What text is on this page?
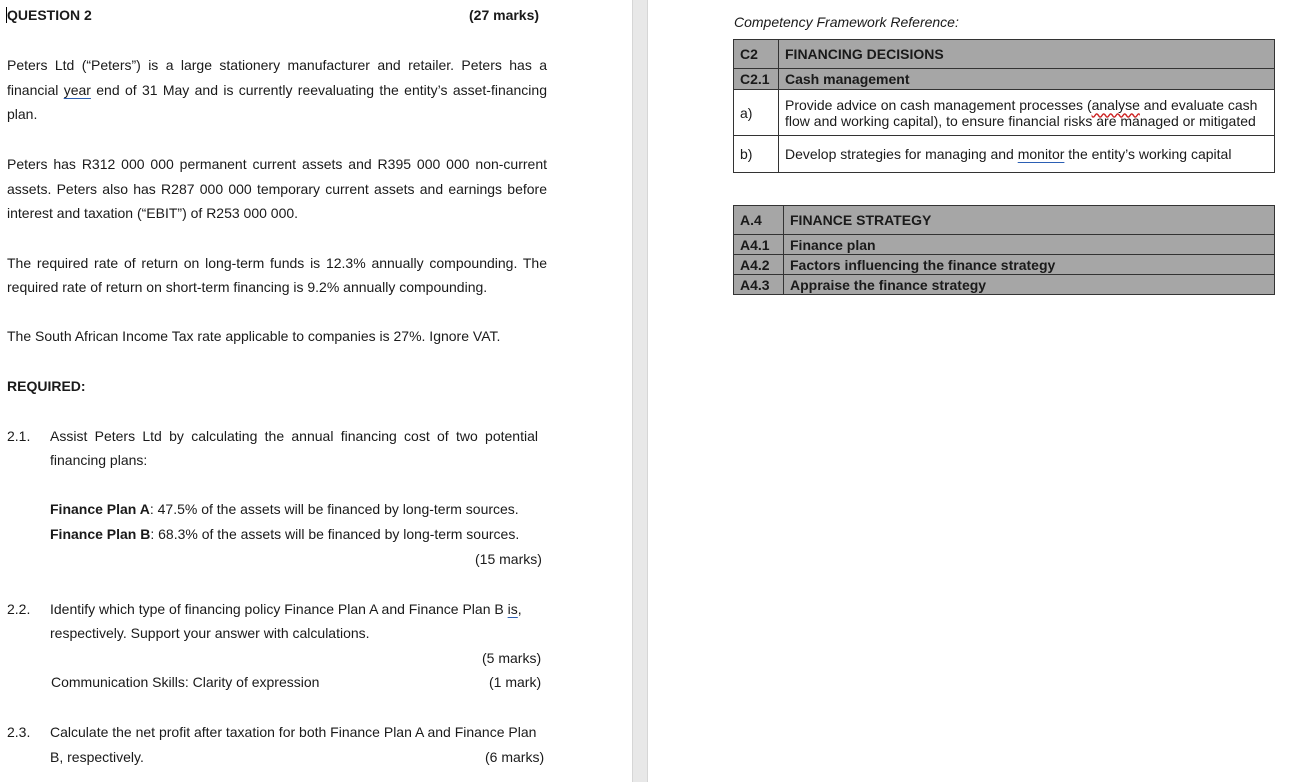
QUESTION 2	(27 marks)
Peters Ltd (“Peters”) is a large stationery manufacturer and retailer. Peters has a
financial year end of 31 May and is currently reevaluating the entity’s asset-financing
plan.
Peters has R312 000 000 permanent current assets and R395 000 000 non-current
assets. Peters also has R287 000 000 temporary current assets and earnings before
interest and taxation (“EBIT”) of R253 000 000.
The required rate of return on long-term funds is 12.3% annually compounding. The
required rate of return on short-term financing is 9.2% annually compounding.
The South African Income Tax rate applicable to companies is 27%. Ignore VAT.
REQUIRED:
2.1. Assist Peters Ltd by calculating the annual financing cost of two potential
financing plans:
Finance Plan A: 47.5% of the assets will be financed by long-term sources.
Finance Plan B: 68.3% of the assets will be financed by long-term sources.
(15 marks)
2.2. Identify which type of financing policy Finance Plan A and Finance Plan B is,
respectively. Support your answer with calculations.
(5 marks)
Communication Skills: Clarity of expression	(1 mark)
2.3. Calculate the net profit after taxation for both Finance Plan A and Finance Plan
B, respectively.	(6 marks)
Competency Framework Reference:
C2	FINANCING DECISIONS
C2.1	Cash management
a)	Provide advice on cash management processes (analyse and evaluate cash
flow and working capital), to ensure financial risks are managed or mitigated

b)	Develop strategies for managing and monitor the entity’s working capital
A.4	FINANCE STRATEGY
A4.1	Finance plan
A4.2	Factors influencing the finance strategy
A4.3	Appraise the finance strategy
